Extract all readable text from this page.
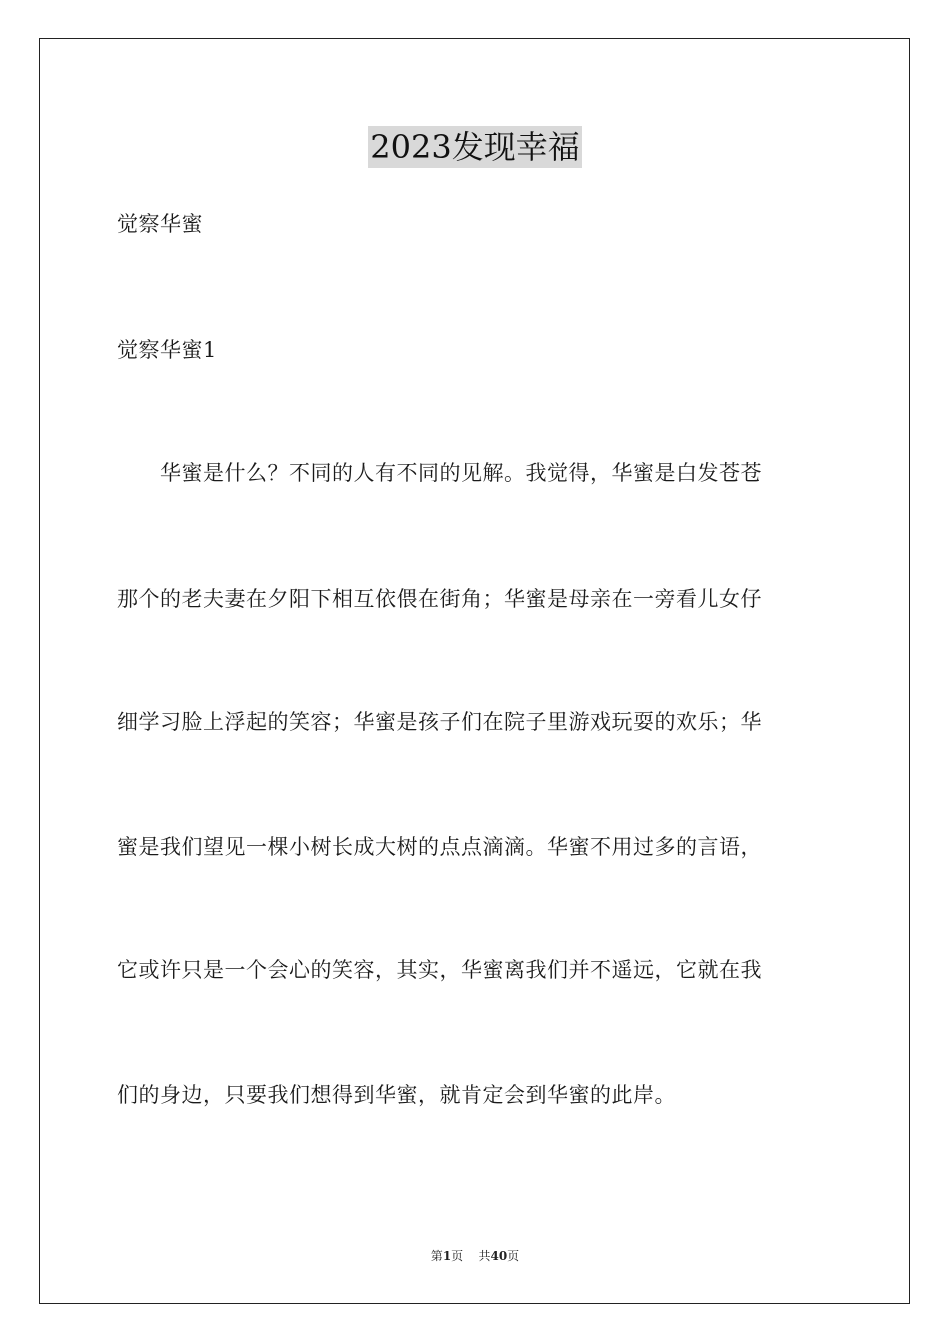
2023发现幸福
觉察华蜜
觉察华蜜1
　　华蜜是什么？不同的人有不同的见解。我觉得，华蜜是白发苍苍
那个的老夫妻在夕阳下相互依偎在街角；华蜜是母亲在一旁看儿女仔
细学习脸上浮起的笑容；华蜜是孩子们在院子里游戏玩耍的欢乐；华
蜜是我们望见一棵小树长成大树的点点滴滴。华蜜不用过多的言语，
它或许只是一个会心的笑容，其实，华蜜离我们并不遥远，它就在我
们的身边，只要我们想得到华蜜，就肯定会到华蜜的此岸。
第1页 共40页
